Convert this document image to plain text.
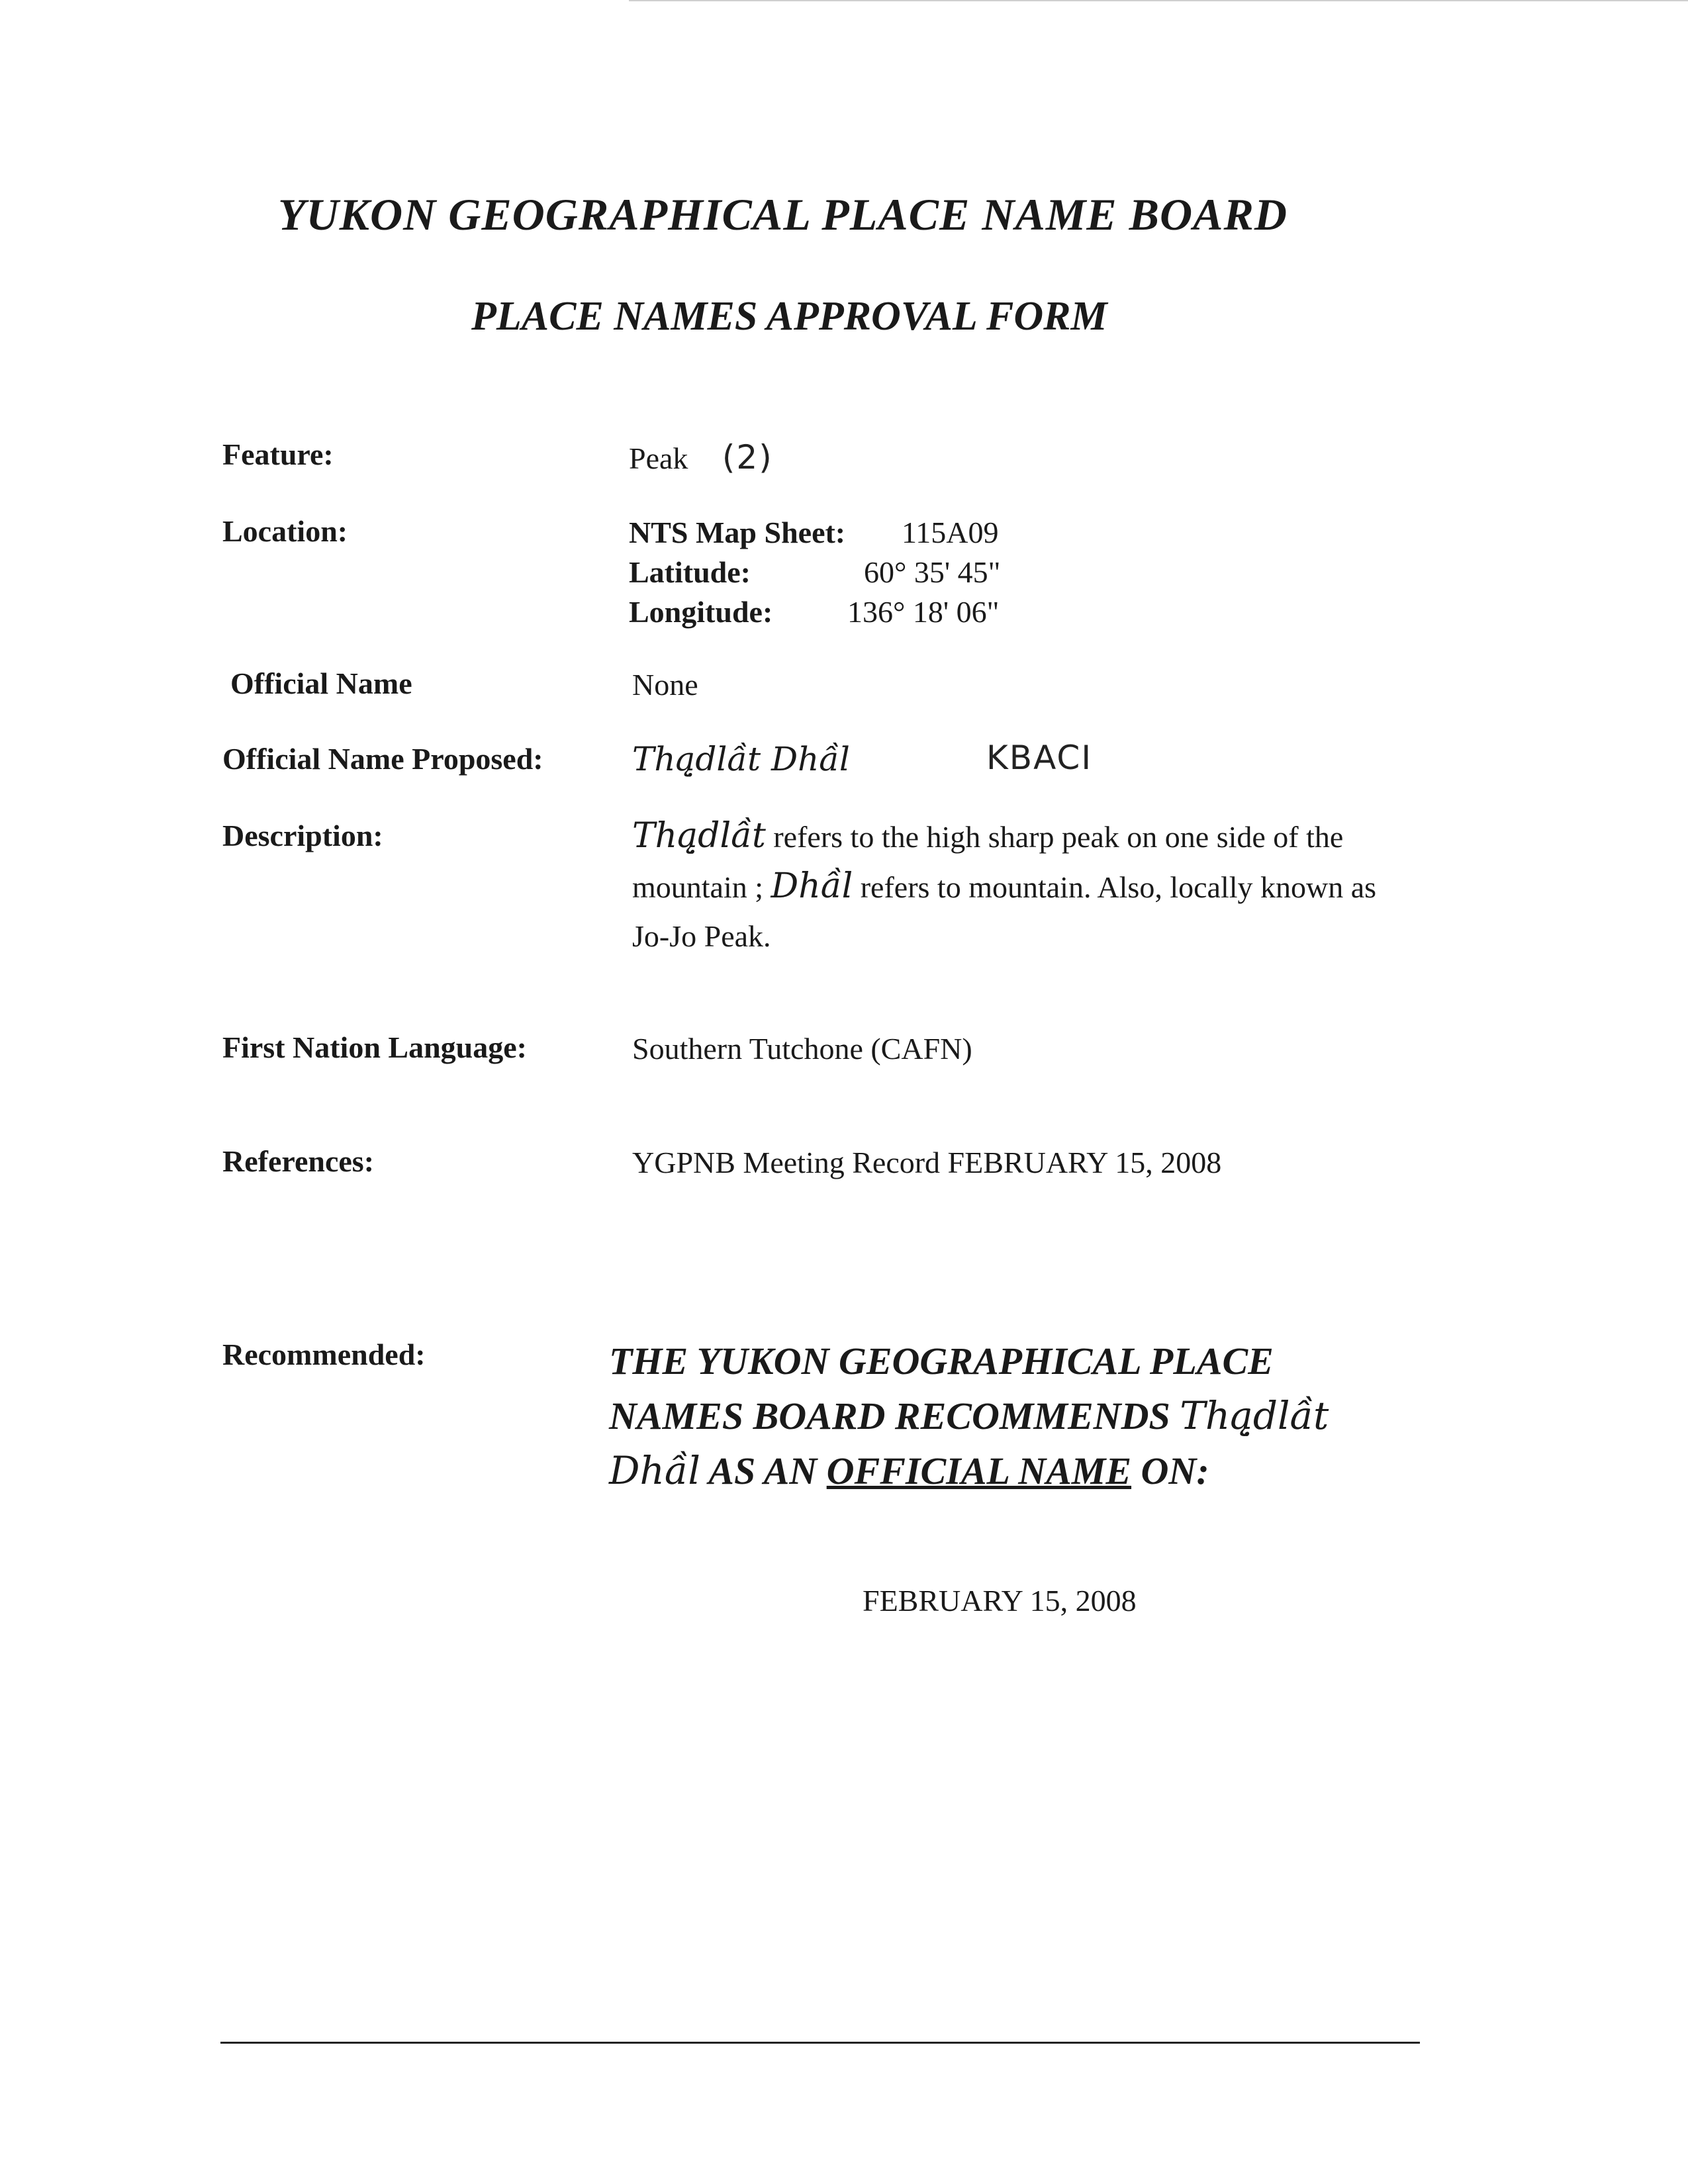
YUKON GEOGRAPHICAL PLACE NAME BOARD
PLACE NAMES APPROVAL FORM
Feature:	Peak (2)
Location:	NTS Map Sheet: 115A09
Latitude:	60° 35' 45"
Longitude: 136° 18' 06"
Official Name	None
Official Name Proposed:	Thą̣dlầt Dhầl	KBACI
Description:	Thą̣dlầt refers to the high sharp peak on one side of the mountain ; Dhầl refers to mountain. Also, locally known as Jo-Jo Peak.
First Nation Language:	Southern Tutchone (CAFN)
References:	YGPNB Meeting Record FEBRUARY 15, 2008
Recommended:	THE YUKON GEOGRAPHICAL PLACE NAMES BOARD RECOMMENDS Thą̣dlầt Dhầl AS AN OFFICIAL NAME ON:
FEBRUARY 15, 2008
